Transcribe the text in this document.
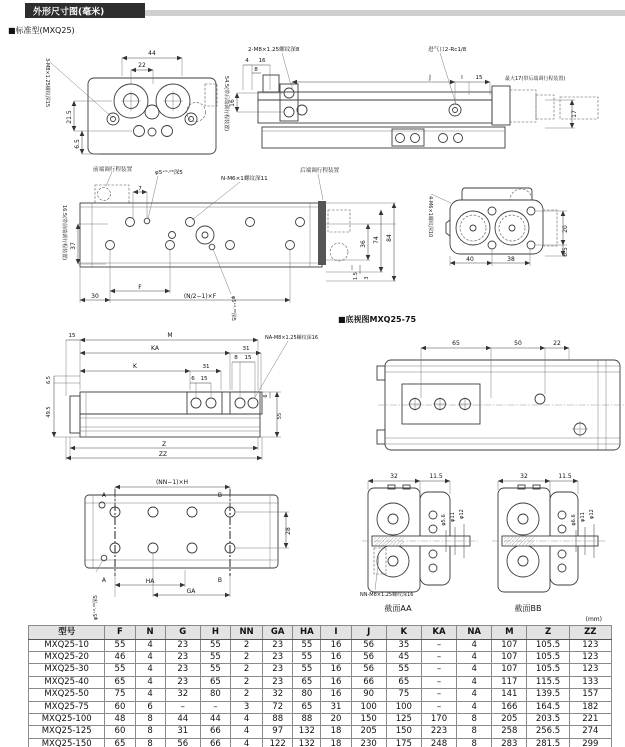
外形尺寸图(毫米)
■标准型(MXQ25)
3-M8×1.25螺纹深15
44
22
21.5
6.5
54.5(带后端调行程装置)
2-M8×1.25螺纹深8	进气口2-Rc1/8
最大17(带后端调行程装置)
4 16
8
J	I 15
17
16
前端调行程装置	φ5⁺⁰·⁰³深5
N-M6×1螺纹深11
后端调行程装置
7
16.5(带前端调行程装置) 37
F
30	(N/2−1)×F
36
74 84
1.5 3
φ5⁺⁰·⁰³深5
4-M6×1螺纹深10
40	38
20
6.5
15	M
KA	31
8 15
K	31
6 15
NA-M8×1.25螺纹深16
6.5
49.5
6
55
Z
ZZ
■底视图MXQ25-75
65	50	22
(NN−1)×H
A	B
A	B
HA
GA
28
φ5⁺⁰·⁰³深5
32	11.5
φ5.6 φ11 φ12
NN-M8×1.25螺纹深16
截面AA
32	11.5
φ6.6 φ11 φ12
截面BB
(mm)
型号	F	N	G	H	NN	GA	HA	I	J	K	KA	NA	M	Z	ZZ
MXQ25-10	55	4	23	55	2	23	55	16	56	35	–	4	107	105.5	123
MXQ25-20	46	4	23	55	2	23	55	16	56	45	–	4	107	105.5	123
MXQ25-30	55	4	23	55	2	23	55	16	56	55	–	4	107	105.5	123
MXQ25-40	65	4	23	65	2	23	65	16	66	65	–	4	117	115.5	133
MXQ25-50	75	4	32	80	2	32	80	16	90	75	–	4	141	139.5	157
MXQ25-75	60	6	–	–	3	72	65	31	100	100	–	4	166	164.5	182
MXQ25-100	48	8	44	44	4	88	88	20	150	125	170	8	205	203.5	221
MXQ25-125	60	8	31	66	4	97	132	18	205	150	223	8	258	256.5	274
MXQ25-150	65	8	56	66	4	122	132	18	230	175	248	8	283	281.5	299
